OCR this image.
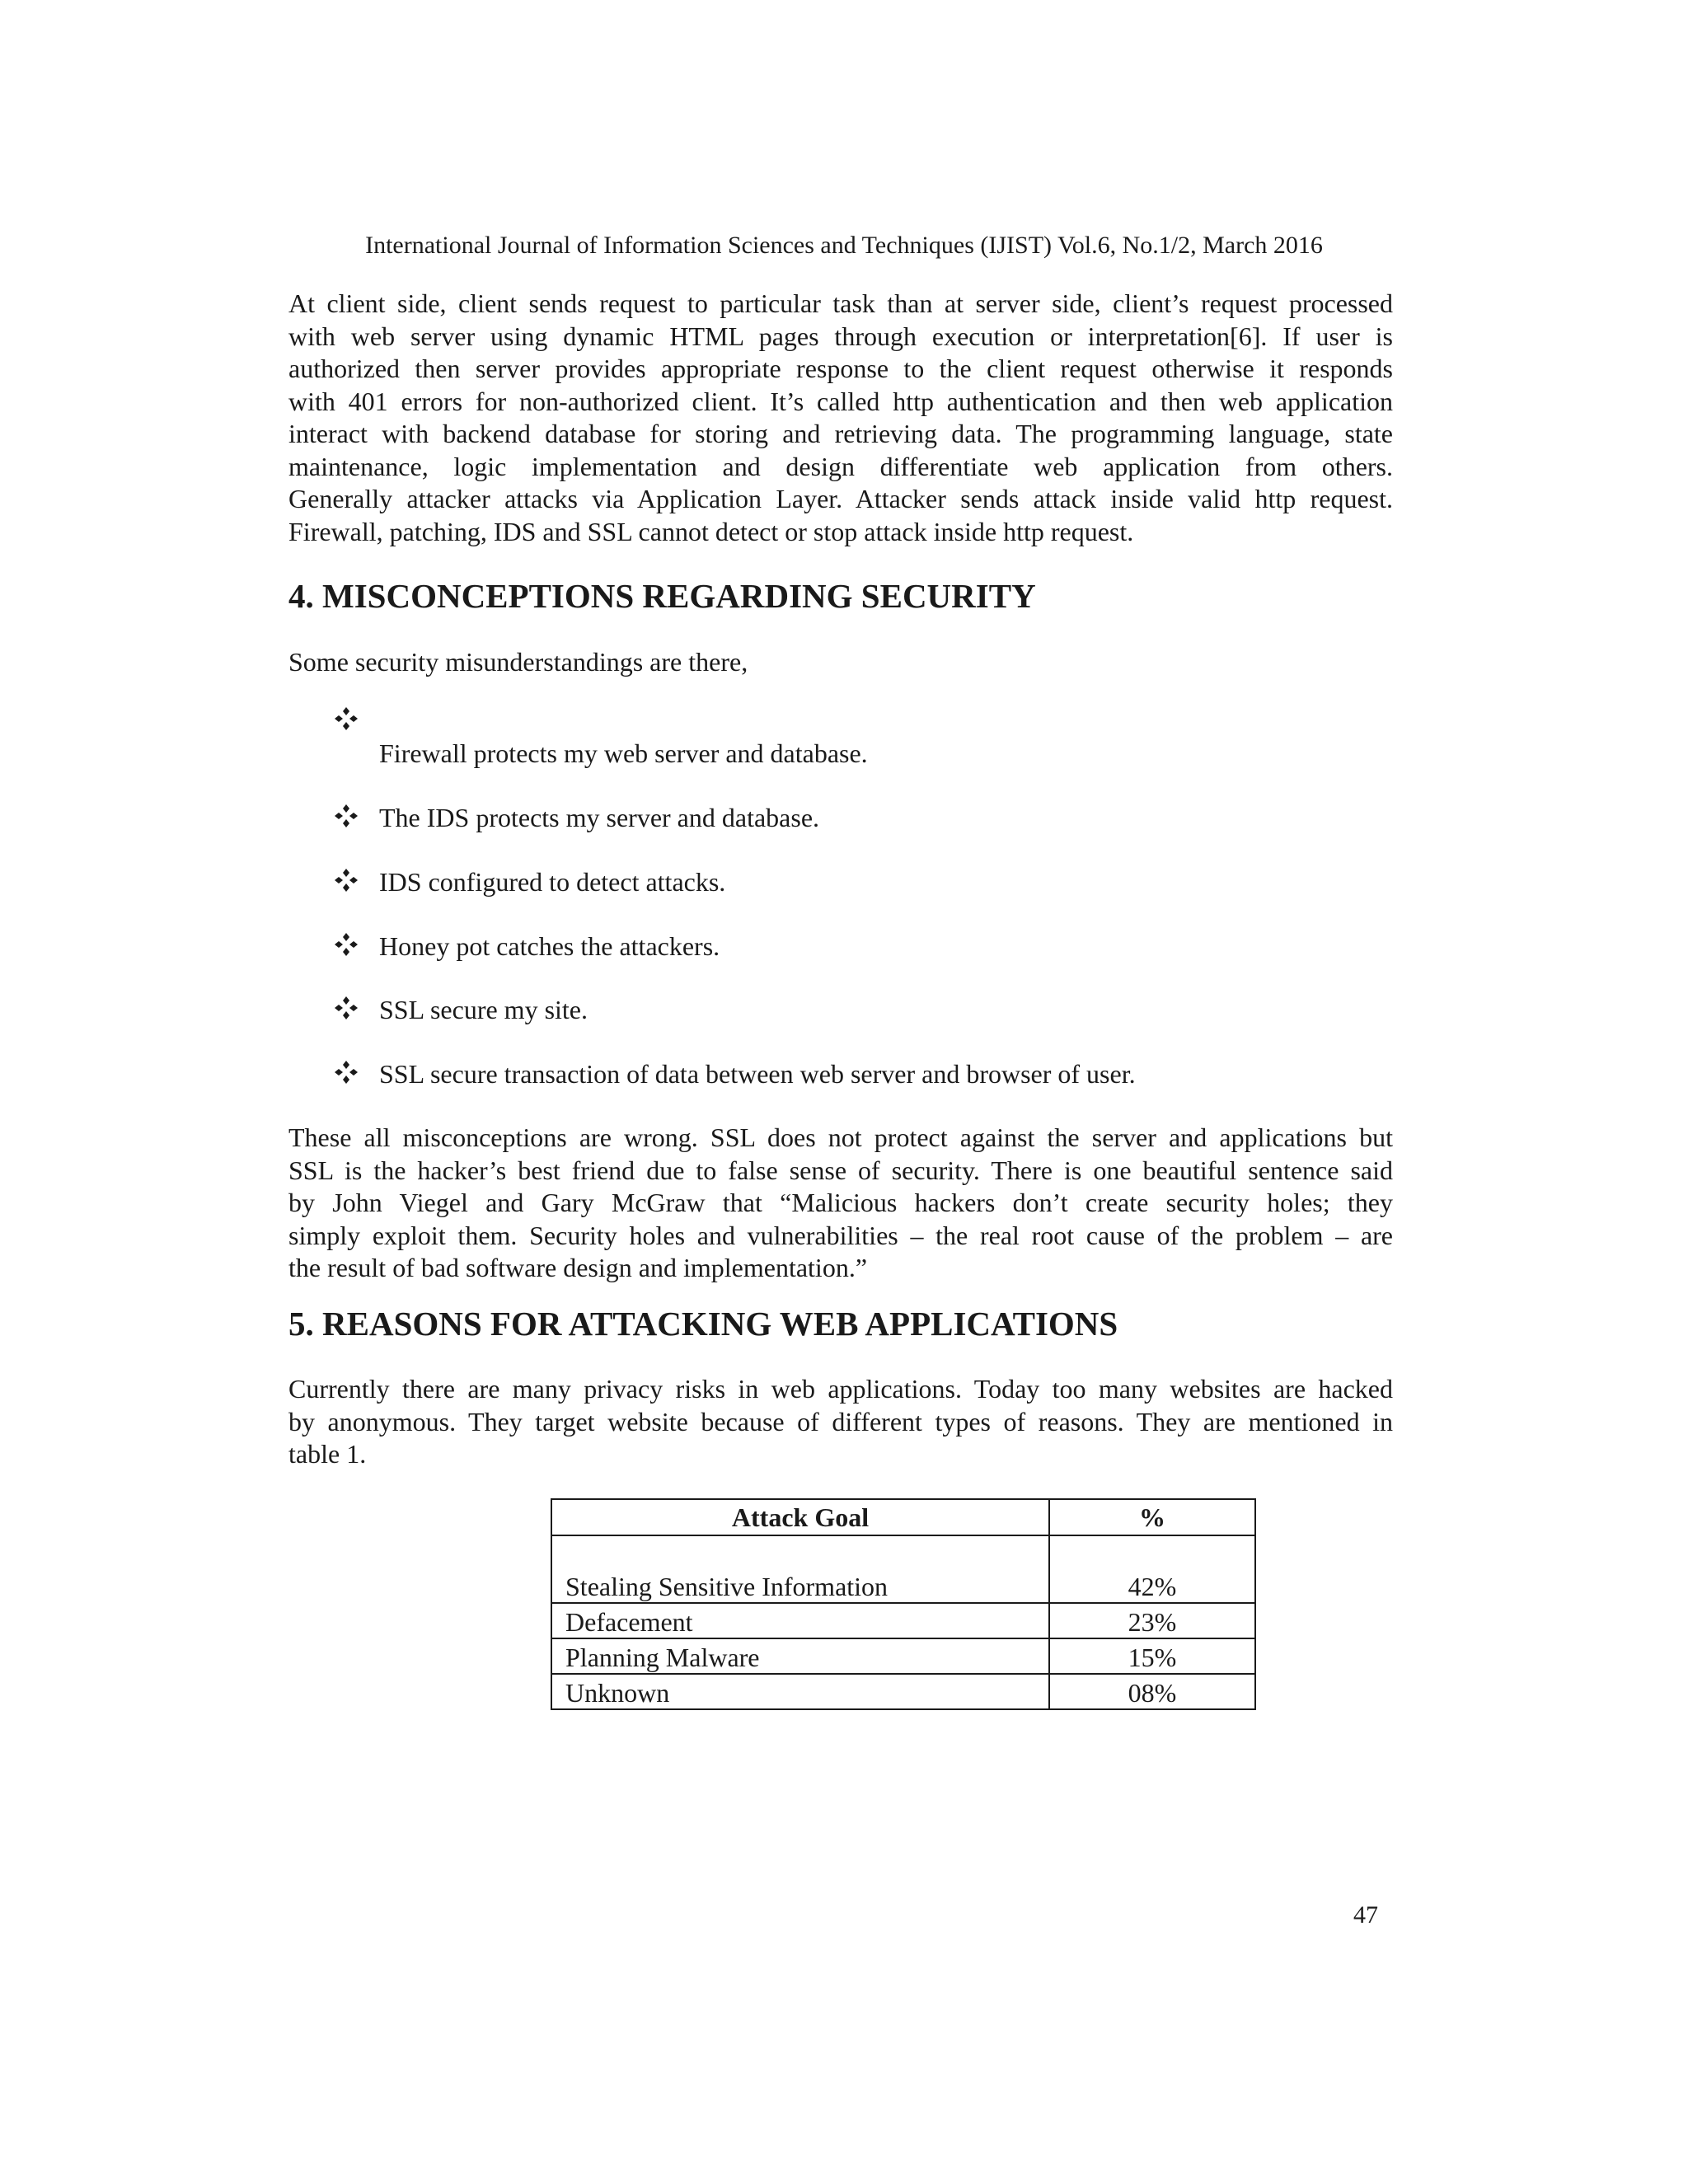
International Journal of Information Sciences and Techniques (IJIST) Vol.6, No.1/2, March 2016

At client side, client sends request to particular task than at server side, client’s request processed
with web server using dynamic HTML pages through execution or interpretation[6]. If user is
authorized then server provides appropriate response to the client request otherwise it responds
with 401 errors for non-authorized client. It’s called http authentication and then web application
interact with backend database for storing and retrieving data. The programming language, state
maintenance, logic implementation and design differentiate web application from others.
Generally attacker attacks via Application Layer. Attacker sends attack inside valid http request.
Firewall, patching, IDS and SSL cannot detect or stop attack inside http request.

4. MISCONCEPTIONS REGARDING SECURITY

Some security misunderstandings are there,

Firewall protects my web server and database.
The IDS protects my server and database.
IDS configured to detect attacks.
Honey pot catches the attackers.
SSL secure my site.
SSL secure transaction of data between web server and browser of user.

These all misconceptions are wrong. SSL does not protect against the server and applications but
SSL is the hacker’s best friend due to false sense of security. There is one beautiful sentence said
by John Viegel and Gary McGraw that “Malicious hackers don’t create security holes; they
simply exploit them. Security holes and vulnerabilities – the real root cause of the problem – are
the result of bad software design and implementation.”

5. REASONS FOR ATTACKING WEB APPLICATIONS

Currently there are many privacy risks in web applications. Today too many websites are hacked
by anonymous. They target website because of different types of reasons. They are mentioned in
table 1.

Attack Goal	%
Stealing Sensitive Information	42%
Defacement	23%
Planning Malware	15%
Unknown	08%
47
